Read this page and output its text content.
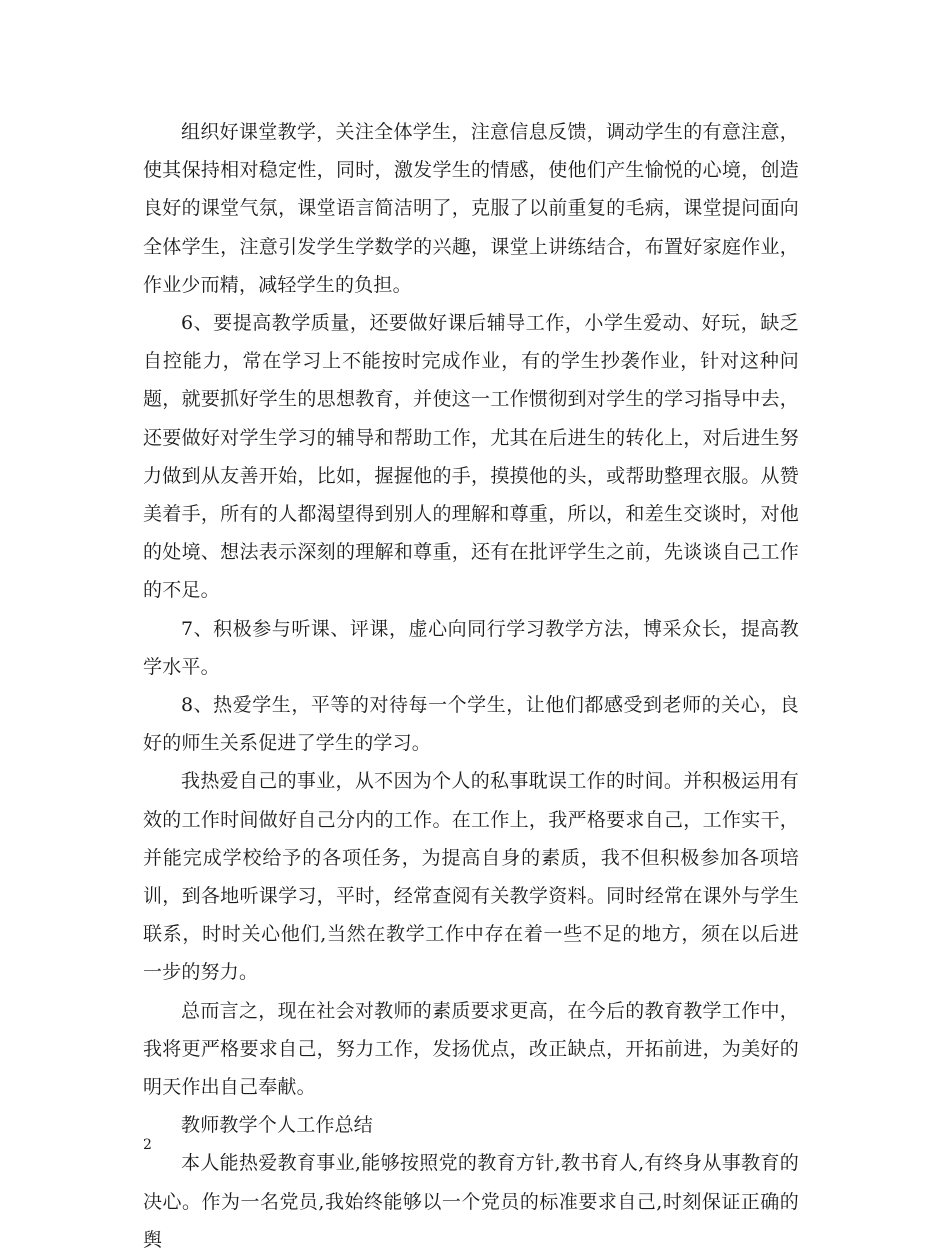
组织好课堂教学，关注全体学生，注意信息反馈，调动学生的有意注意，使其保持相对稳定性，同时，激发学生的情感，使他们产生愉悦的心境，创造良好的课堂气氛，课堂语言简洁明了，克服了以前重复的毛病，课堂提问面向全体学生，注意引发学生学数学的兴趣，课堂上讲练结合，布置好家庭作业，作业少而精，减轻学生的负担。

6、要提高教学质量，还要做好课后辅导工作，小学生爱动、好玩，缺乏自控能力，常在学习上不能按时完成作业，有的学生抄袭作业，针对这种问题，就要抓好学生的思想教育，并使这一工作惯彻到对学生的学习指导中去，还要做好对学生学习的辅导和帮助工作，尤其在后进生的转化上，对后进生努力做到从友善开始，比如，握握他的手，摸摸他的头，或帮助整理衣服。从赞美着手，所有的人都渴望得到别人的理解和尊重，所以，和差生交谈时，对他的处境、想法表示深刻的理解和尊重，还有在批评学生之前，先谈谈自己工作的不足。

7、积极参与听课、评课，虚心向同行学习教学方法，博采众长，提高教学水平。

8、热爱学生，平等的对待每一个学生，让他们都感受到老师的关心，良好的师生关系促进了学生的学习。

我热爱自己的事业，从不因为个人的私事耽误工作的时间。并积极运用有效的工作时间做好自己分内的工作。在工作上，我严格要求自己，工作实干，并能完成学校给予的各项任务，为提高自身的素质，我不但积极参加各项培训，到各地听课学习，平时，经常查阅有关教学资料。同时经常在课外与学生联系，时时关心他们,当然在教学工作中存在着一些不足的地方，须在以后进一步的努力。

总而言之，现在社会对教师的素质要求更高，在今后的教育教学工作中，我将更严格要求自己，努力工作，发扬优点，改正缺点，开拓前进，为美好的明天作出自己奉献。

教师教学个人工作总结

本人能热爱教育事业,能够按照党的教育方针,教书育人,有终身从事教育的决心。作为一名党员,我始终能够以一个党员的标准要求自己,时刻保证正确的舆

2
